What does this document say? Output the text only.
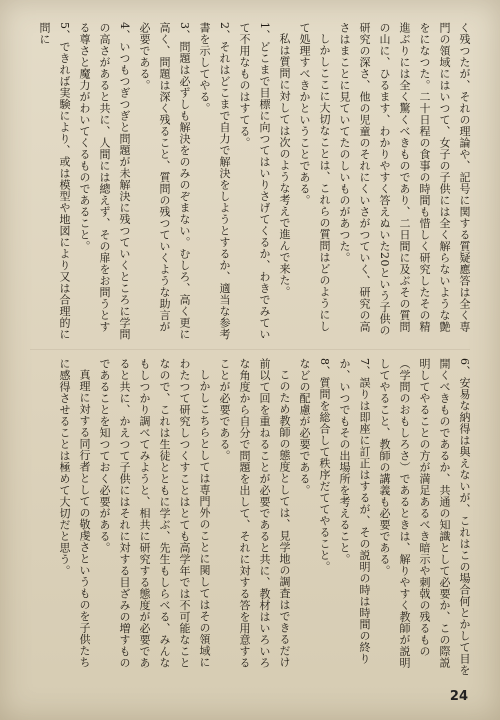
く残つたが、それの理論や、記号に関する質疑應答は全く専門の領域にはいつて、女子の子供には全く解らないような艶をになつた。二十日程の食事の時間も惜しく研究したその精進ぶりには全く驚くべきものであり、二日間に及ぶその質問の山に、ひるます、わかりやすく答えぬいた20という子供の研究の深さ、他の児童のそれにくいさがつていく、研究の高さはまことに見ていてたのしいものがあつた。

しかしここに大切なことは、これらの質問はどのようにして処理すべきかということである。

私は質問に対しては次のような考えで進んで来た。

1、どこまで目標に向つてはいりさげてくるか、わきでみていて不用なものはすてる。

2、それはどこまで自力で解決をしようとするか、適当な参考書を示してやる。

3、問題は必ずしも解決をのみのぞまない。むしろ、高く更に高く、問題は深く残ること、質問の残つていくような助言が必要である。

4、いつもつぎつぎと問題が未解決に残つていくところに学問の高さがあると共に、人間には總えず、その扉をお問うとする尊さと魔力がわいてくるものであること。

5、できれば実験により、或は模型や地図により又は合理的に問に

6、安易な納得は與えないが、これはこの場合何とかして目を開くべきものであるか、共通の知識として必要か、この際説明してやることの方が満足あるべき暗示や刺戟の残るもの（学問のおもしろさ）であるときは、解りやすく教師が説明してやること、教師の講義も必要である。

7、誤りは即座に訂正はするが、その説明の時は時間の終りか、いつでもその出場所を考えること。

8、質問を総合して秩序だててやること。

などの配慮が必要である。

このため教師の態度としては、見学地の調査はできるだけ前以て回を重ねることが必要であると共に、教材はいろいろな角度から自分で問題を出して、それに対する答を用意することが必要である。

しかしこちらとしては専門外のことに関してはその領域にわたつて研究しつくすことはとても高学年では不可能なことなので、これは生徒とともに学ぶ、先生もしらべる、みんなもしつかり調べてみようと、相共に研究する態度が必要であると共に、かえつて子供にはそれに対する目ざみの増すものであることを知つておく必要がある。

真理に対する同行者としての敬虔さというものを子供たちに感得させることは極めて大切だと思う。

24
